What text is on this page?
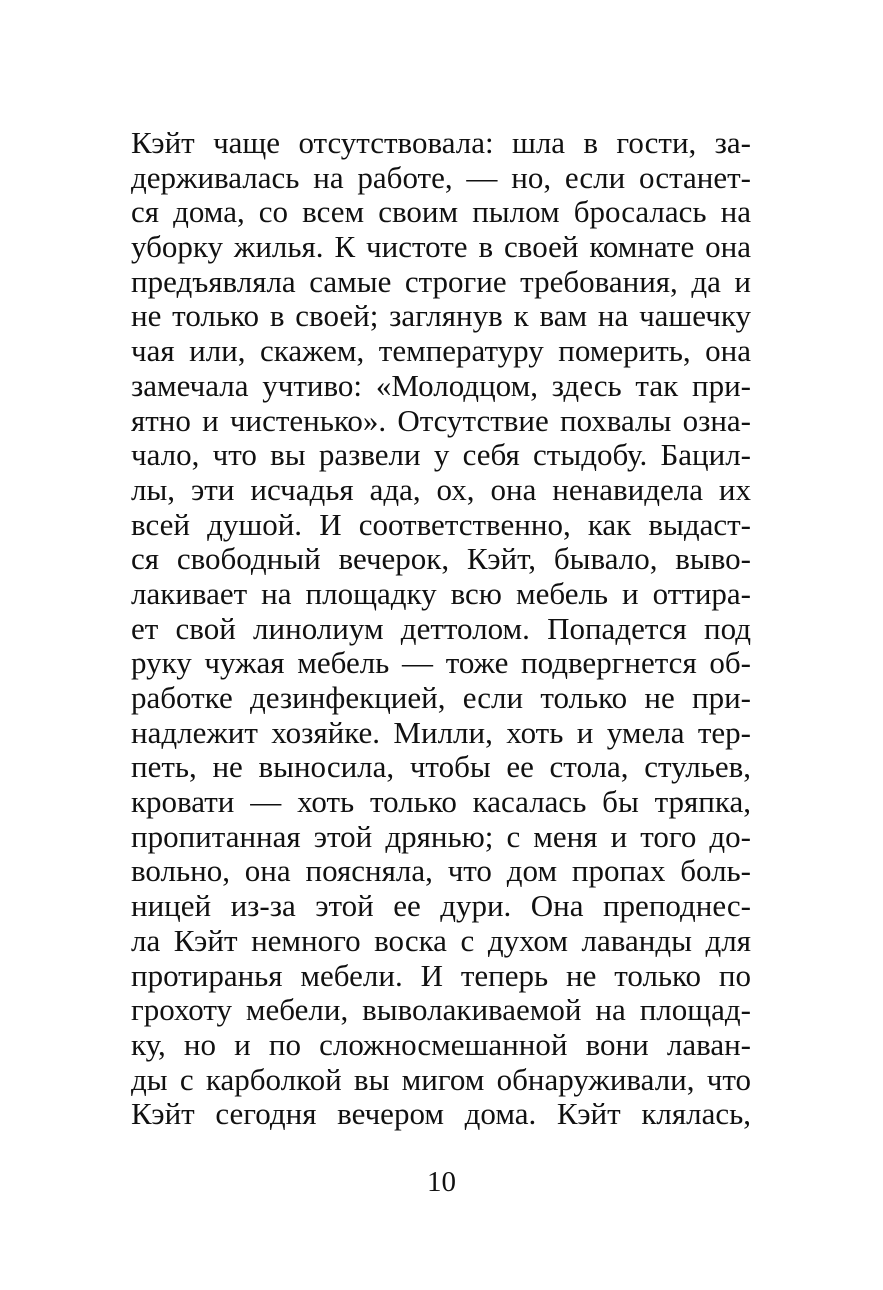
Кэйт чаще отсутствовала: шла в гости, за-
держивалась на работе, — но, если останет-
ся дома, со всем своим пылом бросалась на
уборку жилья. К чистоте в своей комнате она
предъявляла самые строгие требования, да и
не только в своей; заглянув к вам на чашечку
чая или, скажем, температуру померить, она
замечала учтиво: «Молодцом, здесь так при-
ятно и чистенько». Отсутствие похвалы озна-
чало, что вы развели у себя стыдобу. Бацил-
лы, эти исчадья ада, ох, она ненавидела их
всей душой. И соответственно, как выдаст-
ся свободный вечерок, Кэйт, бывало, выво-
лакивает на площадку всю мебель и оттира-
ет свой линолиум деттолом. Попадется под
руку чужая мебель — тоже подвергнется об-
работке дезинфекцией, если только не при-
надлежит хозяйке. Милли, хоть и умела тер-
петь, не выносила, чтобы ее стола, стульев,
кровати — хоть только касалась бы тряпка,
пропитанная этой дрянью; с меня и того до-
вольно, она поясняла, что дом пропах боль-
ницей из-за этой ее дури. Она преподнес-
ла Кэйт немного воска с духом лаванды для
протиранья мебели. И теперь не только по
грохоту мебели, выволакиваемой на площад-
ку, но и по сложносмешанной вони лаван-
ды с карболкой вы мигом обнаруживали, что
Кэйт сегодня вечером дома. Кэйт клялась,
10
